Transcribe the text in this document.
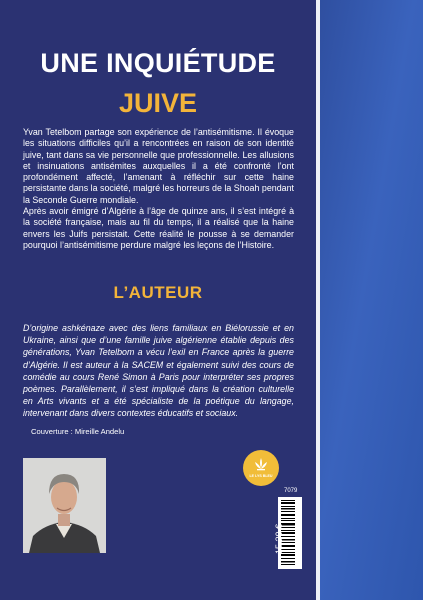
UNE INQUIÉTUDE
JUIVE

Yvan Tetelbom partage son expérience de l’antisémitisme. Il évoque les situations difficiles qu’il a rencontrées en raison de son identité juive, tant dans sa vie personnelle que professionnelle. Les allusions et insinuations antisémites auxquelles il a été confronté l’ont profondément affecté, l’amenant à réfléchir sur cette haine persistante dans la société, malgré les horreurs de la Shoah pendant la Seconde Guerre mondiale.

Après avoir émigré d’Algérie à l’âge de quinze ans, il s’est intégré à la société française, mais au fil du temps, il a réalisé que la haine envers les Juifs persistait. Cette réalité le pousse à se demander pourquoi l’antisémitisme perdure malgré les leçons de l’Histoire.

L’AUTEUR

D’origine ashkénaze avec des liens familiaux en Biélorussie et en Ukraine, ainsi que d’une famille juive algérienne établie depuis des générations, Yvan Tetelbom a vécu l’exil en France après la guerre d’Algérie. Il est auteur à la SACEM et également suivi des cours de comédie au cours René Simon à Paris pour interpréter ses propres poèmes. Parallèlement, il s’est impliqué dans la création culturelle en Arts vivants et a été spécialiste de la poétique du langage, intervenant dans divers contextes éducatifs et sociaux.

Couverture : Mireille Andelu
LE LYS BLEU
7079
15.20 €
